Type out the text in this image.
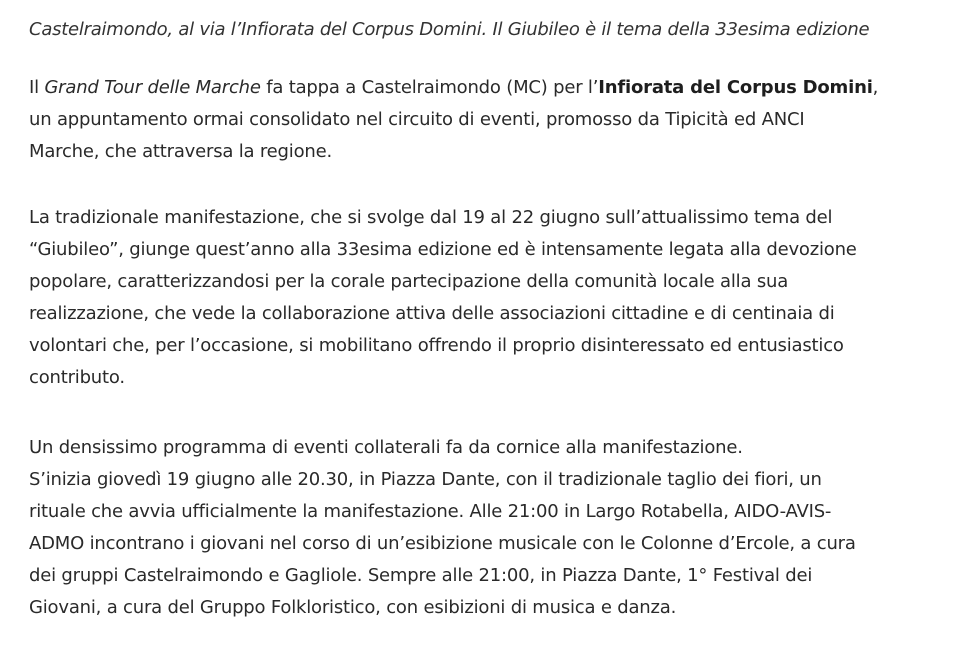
Castelraimondo, al via l’Infiorata del Corpus Domini. Il Giubileo è il tema della 33esima edizione

Il Grand Tour delle Marche fa tappa a Castelraimondo (MC) per l’Infiorata del Corpus Domini,
un appuntamento ormai consolidato nel circuito di eventi, promosso da Tipicità ed ANCI
Marche, che attraversa la regione.

La tradizionale manifestazione, che si svolge dal 19 al 22 giugno sull’attualissimo tema del
“Giubileo”, giunge quest’anno alla 33esima edizione ed è intensamente legata alla devozione
popolare, caratterizzandosi per la corale partecipazione della comunità locale alla sua
realizzazione, che vede la collaborazione attiva delle associazioni cittadine e di centinaia di
volontari che, per l’occasione, si mobilitano offrendo il proprio disinteressato ed entusiastico
contributo.

Un densissimo programma di eventi collaterali fa da cornice alla manifestazione.
S’inizia giovedì 19 giugno alle 20.30, in Piazza Dante, con il tradizionale taglio dei fiori, un
rituale che avvia ufficialmente la manifestazione. Alle 21:00 in Largo Rotabella, AIDO-AVIS-
ADMO incontrano i giovani nel corso di un’esibizione musicale con le Colonne d’Ercole, a cura
dei gruppi Castelraimondo e Gagliole. Sempre alle 21:00, in Piazza Dante, 1° Festival dei
Giovani, a cura del Gruppo Folkloristico, con esibizioni di musica e danza.
